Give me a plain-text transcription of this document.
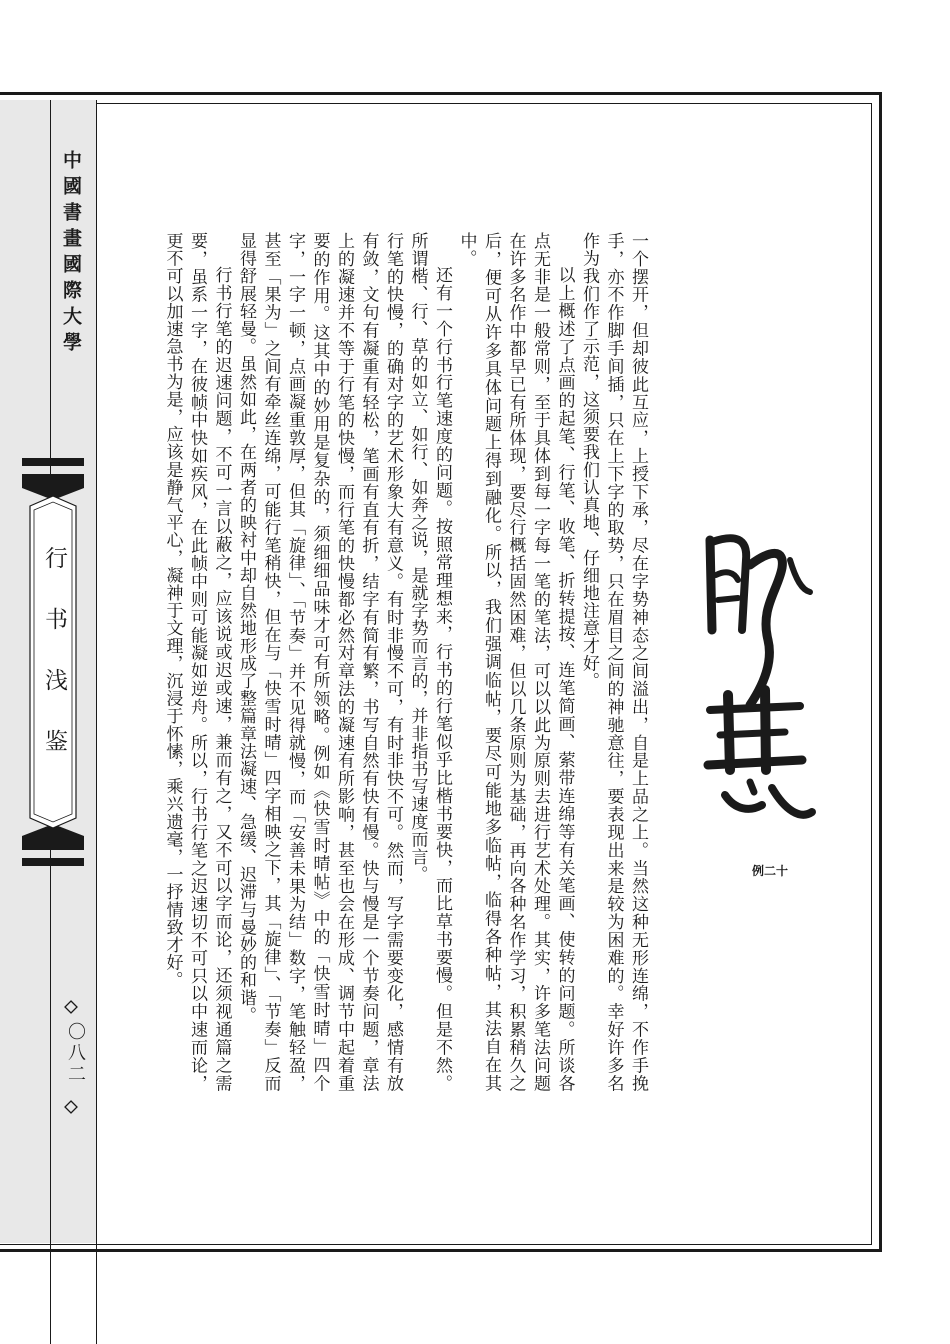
中國書畫國際大學
行书浅鉴
〇八二	一个摆开，但却彼此互应，上授下承，尽在字势神态之间溢出，自是上品之上。当然这种无形连绵，不作手挽手，亦不作脚手间插，只在上下字的取势，只在眉目之间的神驰意往，要表现出来是较为困难的。幸好许多名作为我们作了示范，这须要我们认真地、仔细地注意才好。

以上概述了点画的起笔、行笔、收笔、折转提按、连笔简画、萦带连绵等有关笔画、使转的问题。所谈各点无非是一般常则，至于具体到每一字每一笔的笔法，可以以此为原则去进行艺术处理。其实，许多笔法问题在许多名作中都早已有所体现，要尽行概括固然困难，但以几条原则为基础，再向各种名作学习，积累稍久之后，便可从许多具体问题上得到融化。所以，我们强调临帖，要尽可能地多临帖，临得各种帖，其法自在其中。

还有一个行书行笔速度的问题。按照常理想来，行书的行笔似乎比楷书要快，而比草书要慢。但是不然。所谓楷、行、草的如立、如行、如奔之说，是就字势而言的，并非指书写速度而言。

行笔的快慢，的确对字的艺术形象大有意义。有时非慢不可，有时非快不可。然而，写字需要变化，感情有放有敛，文句有凝重有轻松，笔画有直有折，结字有简有繁，书写自然有快有慢。快与慢是一个节奏问题，章法上的凝速并不等于行笔的快慢，而行笔的快慢都必然对章法的凝速有所影响，甚至也会在形成、调节中起着重要的作用。这其中的妙用是复杂的，须细细品味才可有所领略。例如《快雪时晴帖》中的「快雪时晴」四个字，一字一顿，点画凝重敦厚，但其「旋律」、「节奏」并不见得就慢，而「安善未果为结」数字，笔触轻盈，甚至「果为」之间有牵丝连绵，可能行笔稍快，但在与「快雪时晴」四字相映之下，其「旋律」、「节奏」反而显得舒展轻曼。虽然如此，在两者的映衬中却自然地形成了整篇章法凝速、急缓、迟滞与曼妙的和谐。

行书行笔的迟速问题，不可一言以蔽之，应该说或迟或速，兼而有之，又不可以字而论，还须视通篇之需要，虽系一字，在彼帧中快如疾风，在此帧中则可能凝如逆舟。所以，行书行笔之迟速切不可只以中速而论，更不可以加速急书为是，应该是静气平心，凝神于文理，沉浸于怀愫，乘兴遗毫，一抒情致才好。	例二十
